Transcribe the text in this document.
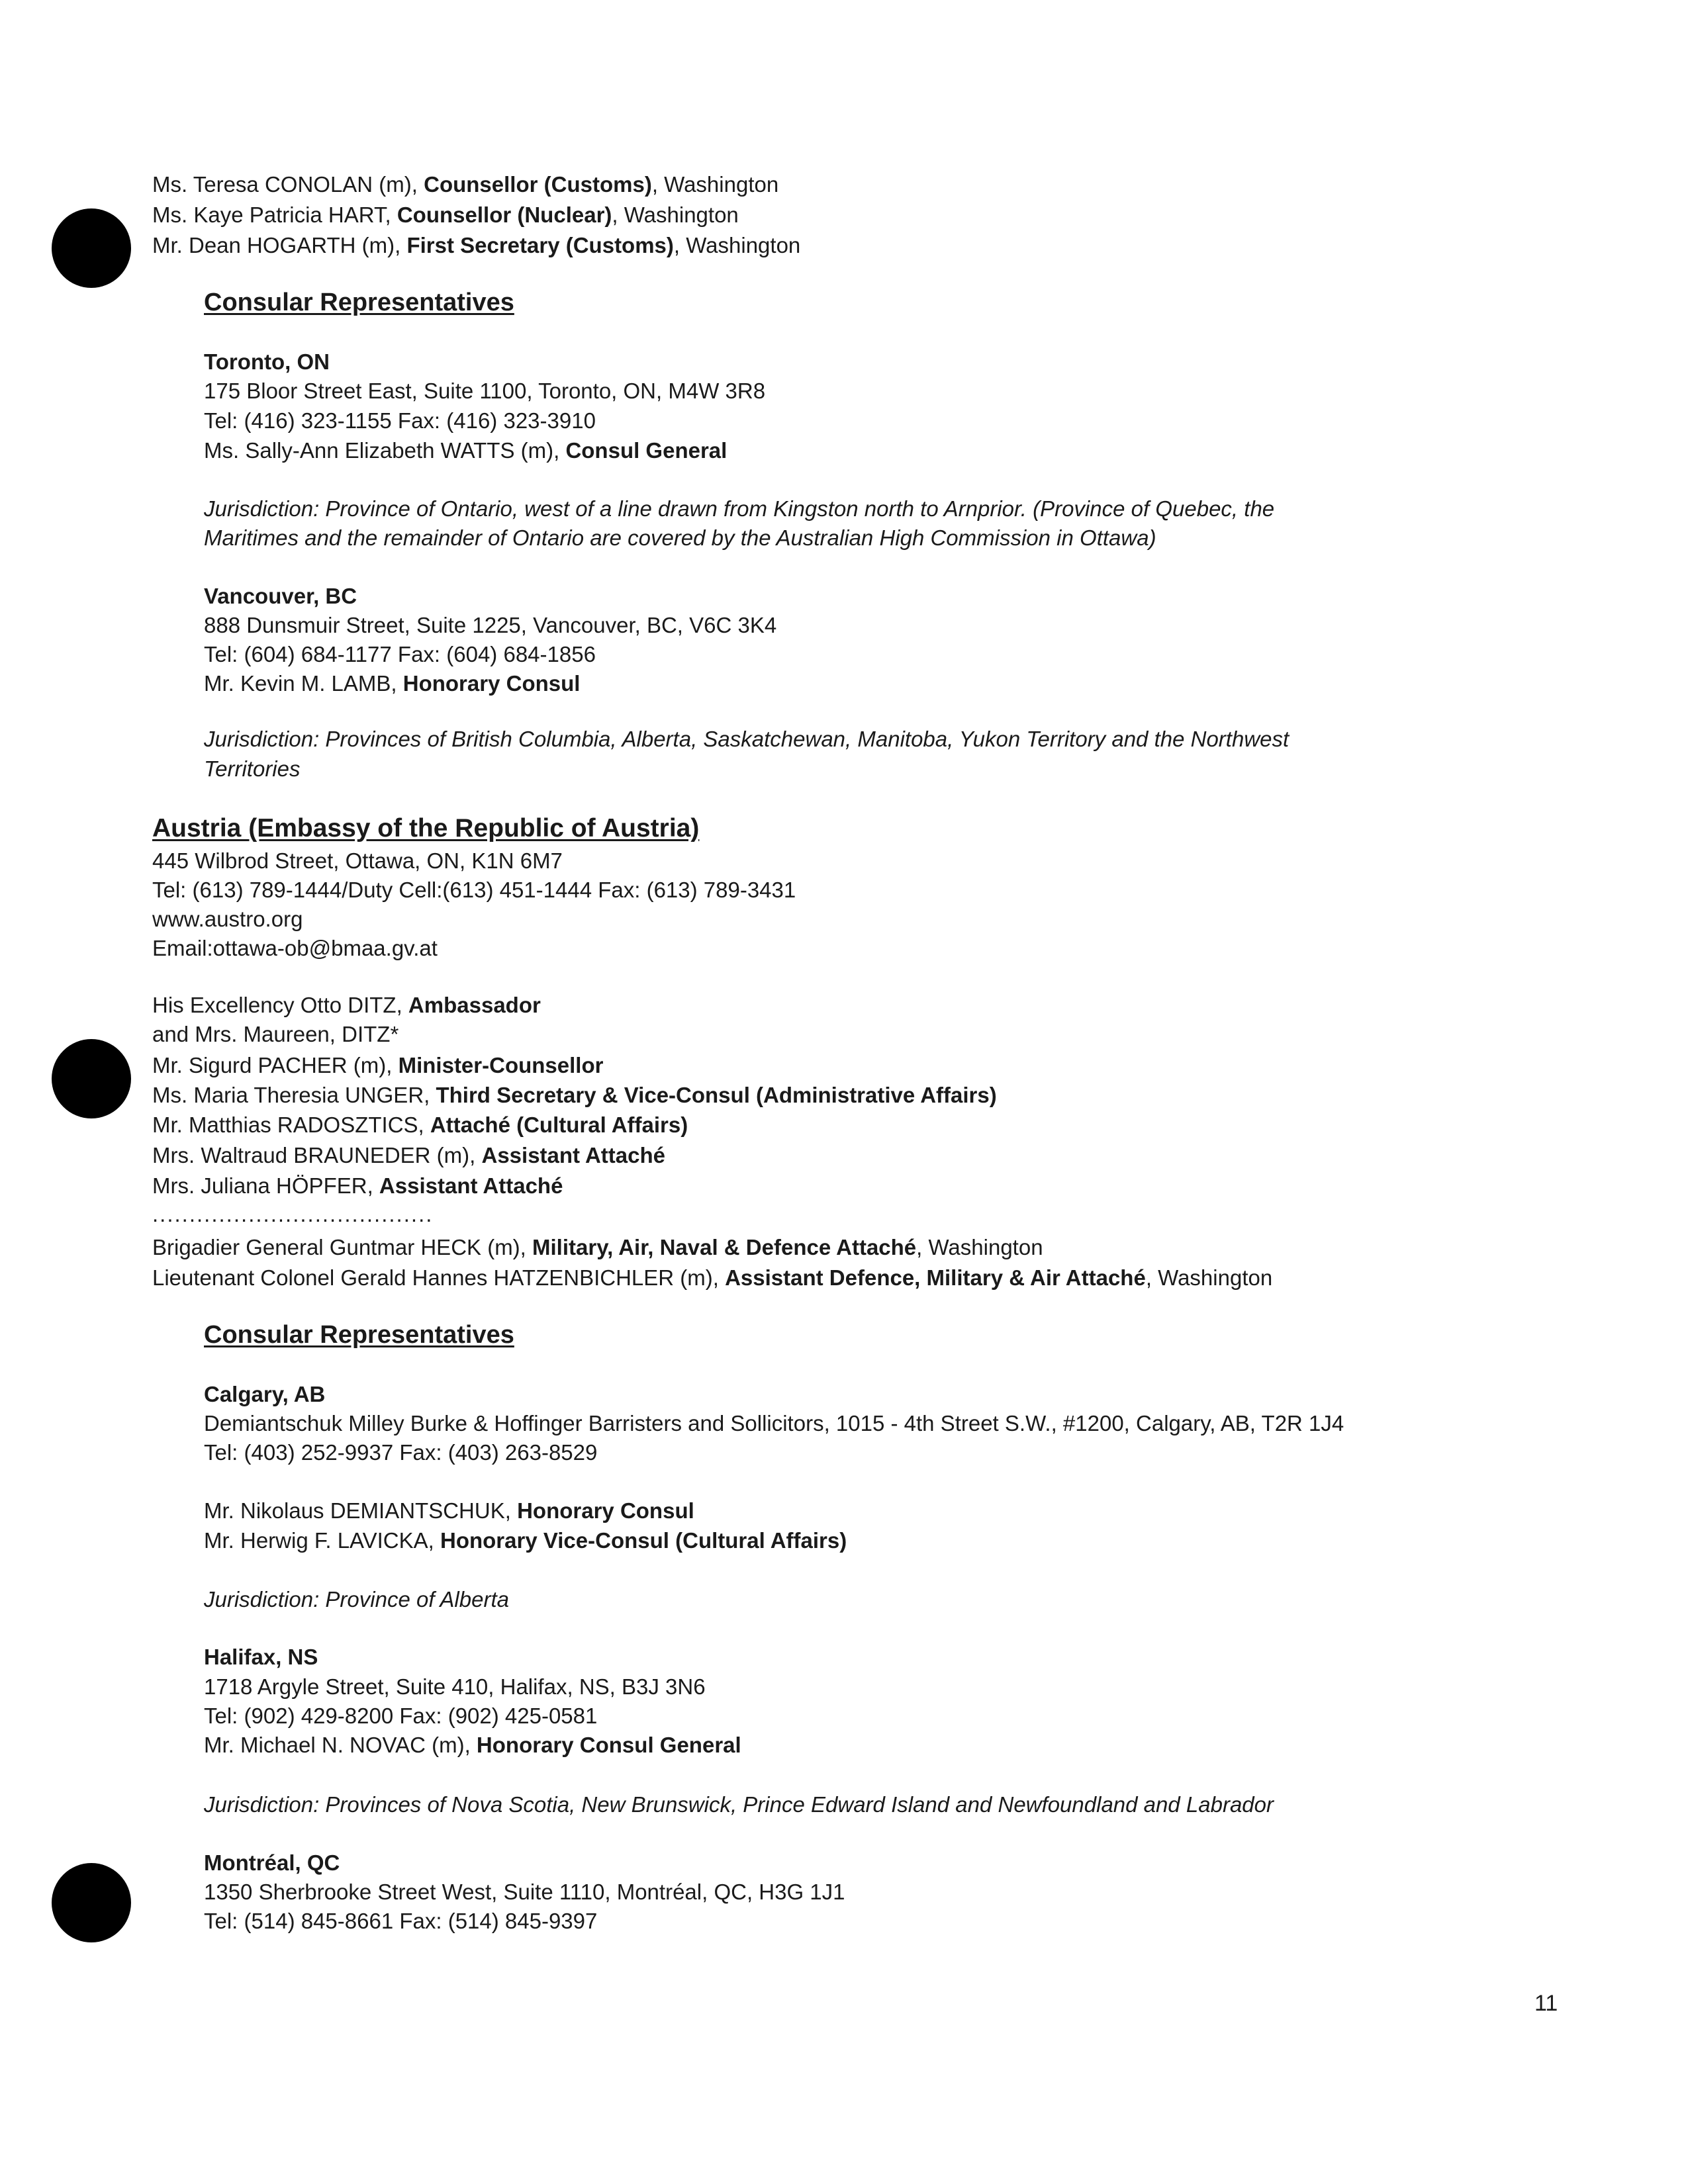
Ms. Teresa CONOLAN (m), Counsellor (Customs), Washington
Ms. Kaye Patricia HART, Counsellor (Nuclear), Washington
Mr. Dean HOGARTH (m), First Secretary (Customs), Washington
Consular Representatives
Toronto, ON
175 Bloor Street East, Suite 1100, Toronto, ON, M4W 3R8
Tel: (416) 323-1155 Fax: (416) 323-3910
Ms. Sally-Ann Elizabeth WATTS (m), Consul General
Jurisdiction: Province of Ontario, west of a line drawn from Kingston north to Arnprior. (Province of Quebec, the
Maritimes and the remainder of Ontario are covered by the Australian High Commission in Ottawa)
Vancouver, BC
888 Dunsmuir Street, Suite 1225, Vancouver, BC, V6C 3K4
Tel: (604) 684-1177 Fax: (604) 684-1856
Mr. Kevin M. LAMB, Honorary Consul
Jurisdiction: Provinces of British Columbia, Alberta, Saskatchewan, Manitoba, Yukon Territory and the Northwest
Territories
Austria (Embassy of the Republic of Austria)
445 Wilbrod Street, Ottawa, ON, K1N 6M7
Tel: (613) 789-1444/Duty Cell:(613) 451-1444 Fax: (613) 789-3431
www.austro.org
Email:ottawa-ob@bmaa.gv.at
His Excellency Otto DITZ, Ambassador
and Mrs. Maureen, DITZ*
Mr. Sigurd PACHER (m), Minister-Counsellor
Ms. Maria Theresia UNGER, Third Secretary & Vice-Consul (Administrative Affairs)
Mr. Matthias RADOSZTICS, Attaché (Cultural Affairs)
Mrs. Waltraud BRAUNEDER (m), Assistant Attaché
Mrs. Juliana HÖPFER, Assistant Attaché
......................................
Brigadier General Guntmar HECK (m), Military, Air, Naval & Defence Attaché, Washington
Lieutenant Colonel Gerald Hannes HATZENBICHLER (m), Assistant Defence, Military & Air Attaché, Washington
Consular Representatives
Calgary, AB
Demiantschuk Milley Burke & Hoffinger Barristers and Sollicitors, 1015 - 4th Street S.W., #1200, Calgary, AB, T2R 1J4
Tel: (403) 252-9937 Fax: (403) 263-8529
Mr. Nikolaus DEMIANTSCHUK, Honorary Consul
Mr. Herwig F. LAVICKA, Honorary Vice-Consul (Cultural Affairs)
Jurisdiction: Province of Alberta
Halifax, NS
1718 Argyle Street, Suite 410, Halifax, NS, B3J 3N6
Tel: (902) 429-8200 Fax: (902) 425-0581
Mr. Michael N. NOVAC (m), Honorary Consul General
Jurisdiction: Provinces of Nova Scotia, New Brunswick, Prince Edward Island and Newfoundland and Labrador
Montréal, QC
1350 Sherbrooke Street West, Suite 1110, Montréal, QC, H3G 1J1
Tel: (514) 845-8661 Fax: (514) 845-9397
11
